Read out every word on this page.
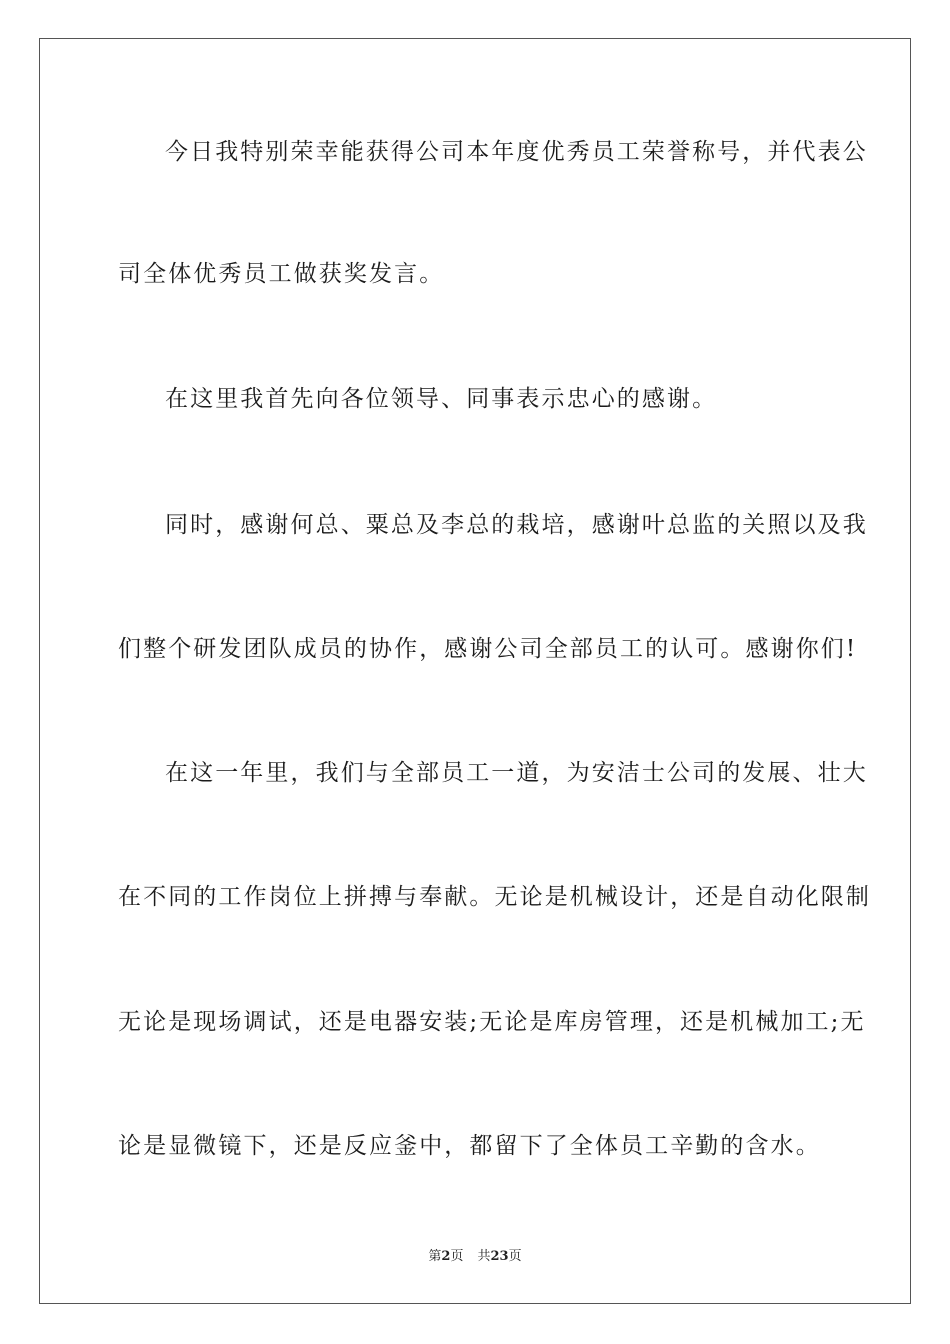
今日我特别荣幸能获得公司本年度优秀员工荣誉称号，并代表公
司全体优秀员工做获奖发言。
在这里我首先向各位领导、同事表示忠心的感谢。
同时，感谢何总、粟总及李总的栽培，感谢叶总监的关照以及我
们整个研发团队成员的协作，感谢公司全部员工的认可。感谢你们!
在这一年里，我们与全部员工一道，为安洁士公司的发展、壮大
在不同的工作岗位上拼搏与奉献。无论是机械设计，还是自动化限制
无论是现场调试，还是电器安装;无论是库房管理，还是机械加工;无
论是显微镜下，还是反应釜中，都留下了全体员工辛勤的含水。
第2页 共23页
